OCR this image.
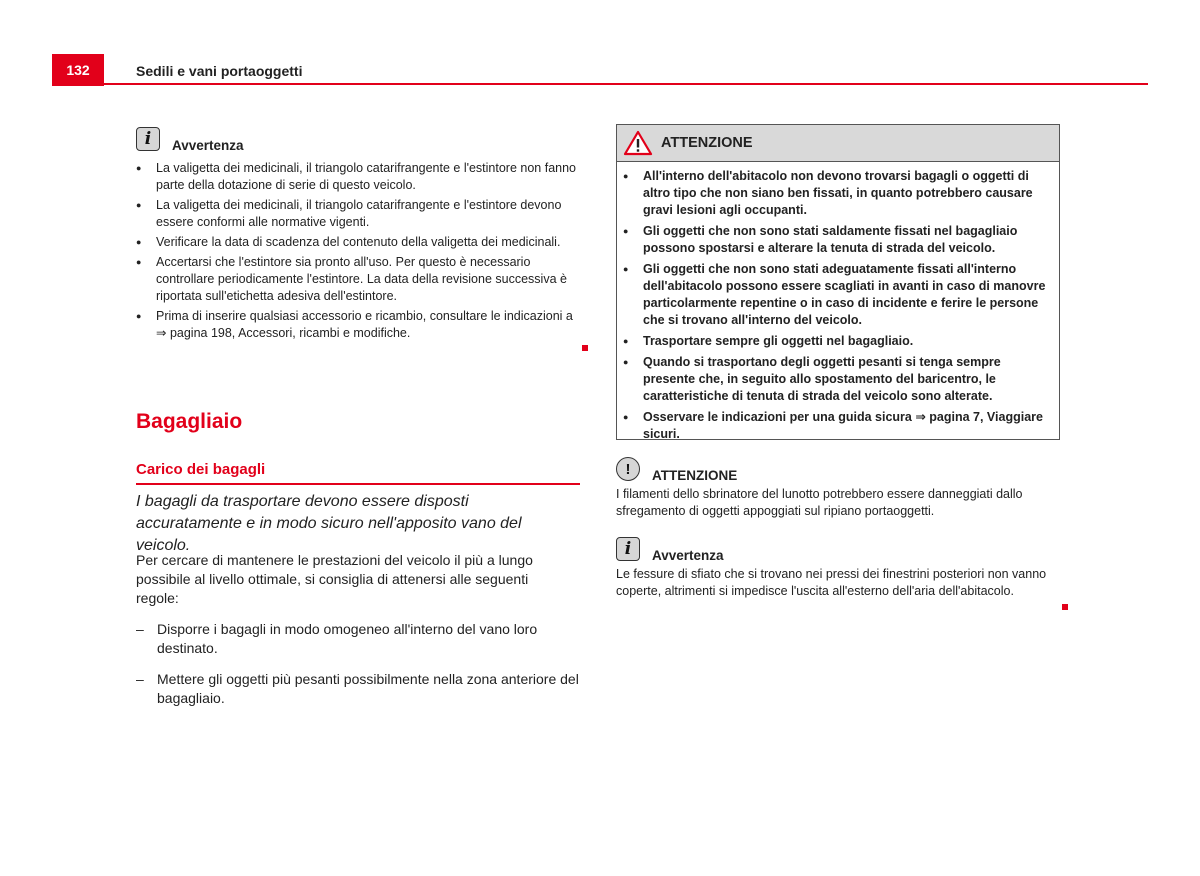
132	Sedili e vani portaoggetti
i	Avvertenza
● La valigetta dei medicinali, il triangolo catarifrangente e l'estintore non fanno parte della dotazione di serie di questo veicolo.
● La valigetta dei medicinali, il triangolo catarifrangente e l'estintore devono essere conformi alle normative vigenti.
● Verificare la data di scadenza del contenuto della valigetta dei medicinali.
● Accertarsi che l'estintore sia pronto all'uso. Per questo è necessario controllare periodicamente l'estintore. La data della revisione successiva è riportata sull'etichetta adesiva dell'estintore.
● Prima di inserire qualsiasi accessorio e ricambio, consultare le indicazioni a ⇒ pagina 198, Accessori, ricambi e modifiche.
Bagagliaio
Carico dei bagagli
I bagagli da trasportare devono essere disposti accuratamente e in modo sicuro nell'apposito vano del veicolo.
Per cercare di mantenere le prestazioni del veicolo il più a lungo possibile al livello ottimale, si consiglia di attenersi alle seguenti regole:
– Disporre i bagagli in modo omogeneo all'interno del vano loro destinato.
– Mettere gli oggetti più pesanti possibilmente nella zona anteriore del bagagliaio.
ATTENZIONE
● All'interno dell'abitacolo non devono trovarsi bagagli o oggetti di altro tipo che non siano ben fissati, in quanto potrebbero causare gravi lesioni agli occupanti.
● Gli oggetti che non sono stati saldamente fissati nel bagagliaio possono spostarsi e alterare la tenuta di strada del veicolo.
● Gli oggetti che non sono stati adeguatamente fissati all'interno dell'abitacolo possono essere scagliati in avanti in caso di manovre particolarmente repentine o in caso di incidente e ferire le persone che si trovano all'interno del veicolo.
● Trasportare sempre gli oggetti nel bagagliaio.
● Quando si trasportano degli oggetti pesanti si tenga sempre presente che, in seguito allo spostamento del baricentro, le caratteristiche di tenuta di strada del veicolo sono alterate.
● Osservare le indicazioni per una guida sicura ⇒ pagina 7, Viaggiare sicuri.
!	ATTENZIONE
I filamenti dello sbrinatore del lunotto potrebbero essere danneggiati dallo sfregamento di oggetti appoggiati sul ripiano portaoggetti.
i	Avvertenza
Le fessure di sfiato che si trovano nei pressi dei finestrini posteriori non vanno coperte, altrimenti si impedisce l'uscita all'esterno dell'aria dell'abitacolo.
